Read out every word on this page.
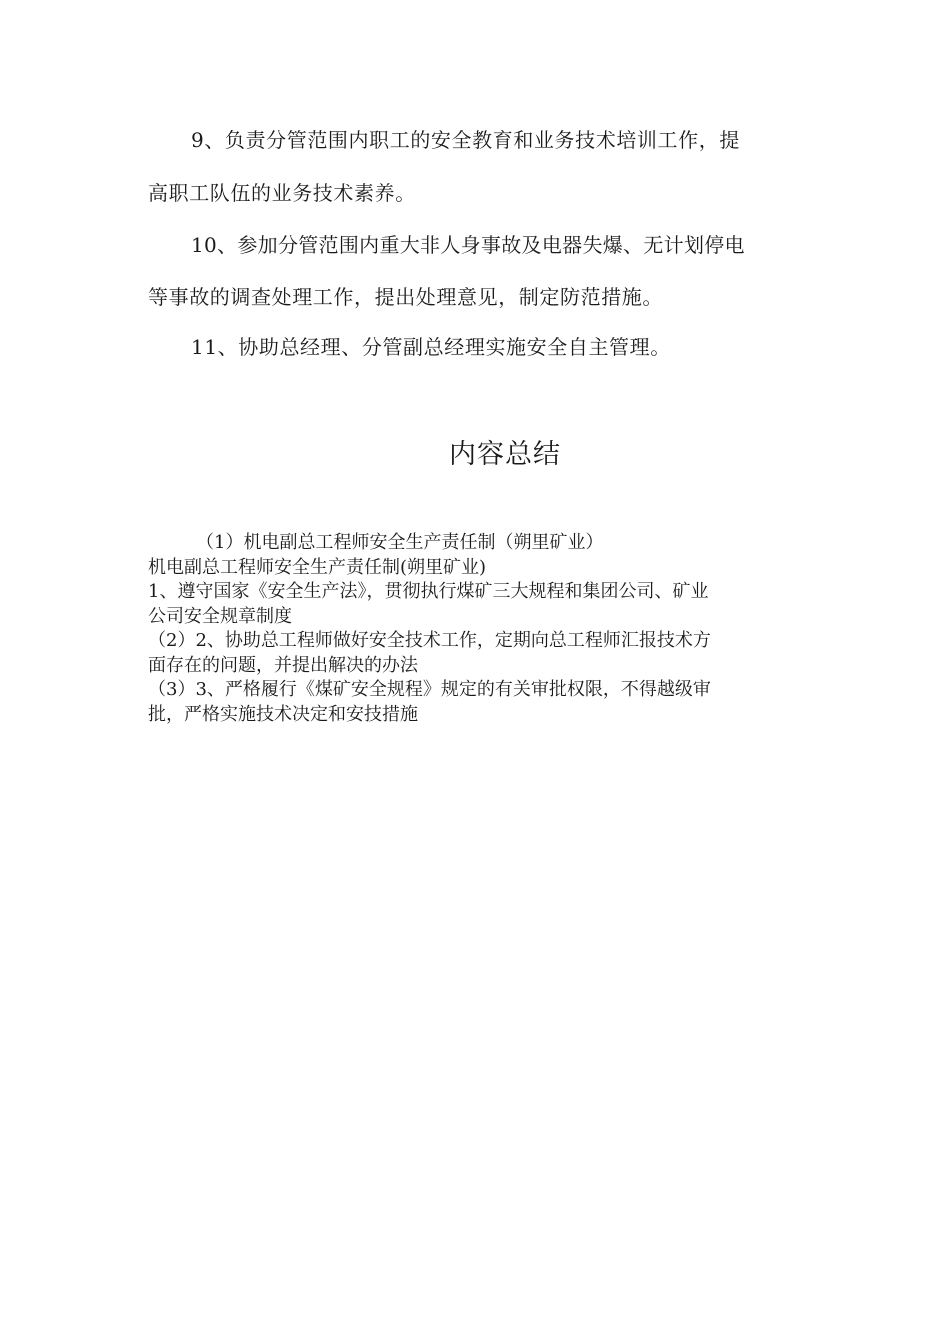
9、负责分管范围内职工的安全教育和业务技术培训工作，提
高职工队伍的业务技术素养。
10、参加分管范围内重大非人身事故及电器失爆、无计划停电
等事故的调查处理工作，提出处理意见，制定防范措施。
11、协助总经理、分管副总经理实施安全自主管理。
内容总结
（1）机电副总工程师安全生产责任制（朔里矿业）
机电副总工程师安全生产责任制(朔里矿业)
1、遵守国家《安全生产法》，贯彻执行煤矿三大规程和集团公司、矿业
公司安全规章制度
（2）2、协助总工程师做好安全技术工作，定期向总工程师汇报技术方
面存在的问题，并提出解决的办法
（3）3、严格履行《煤矿安全规程》规定的有关审批权限，不得越级审
批，严格实施技术决定和安技措施
